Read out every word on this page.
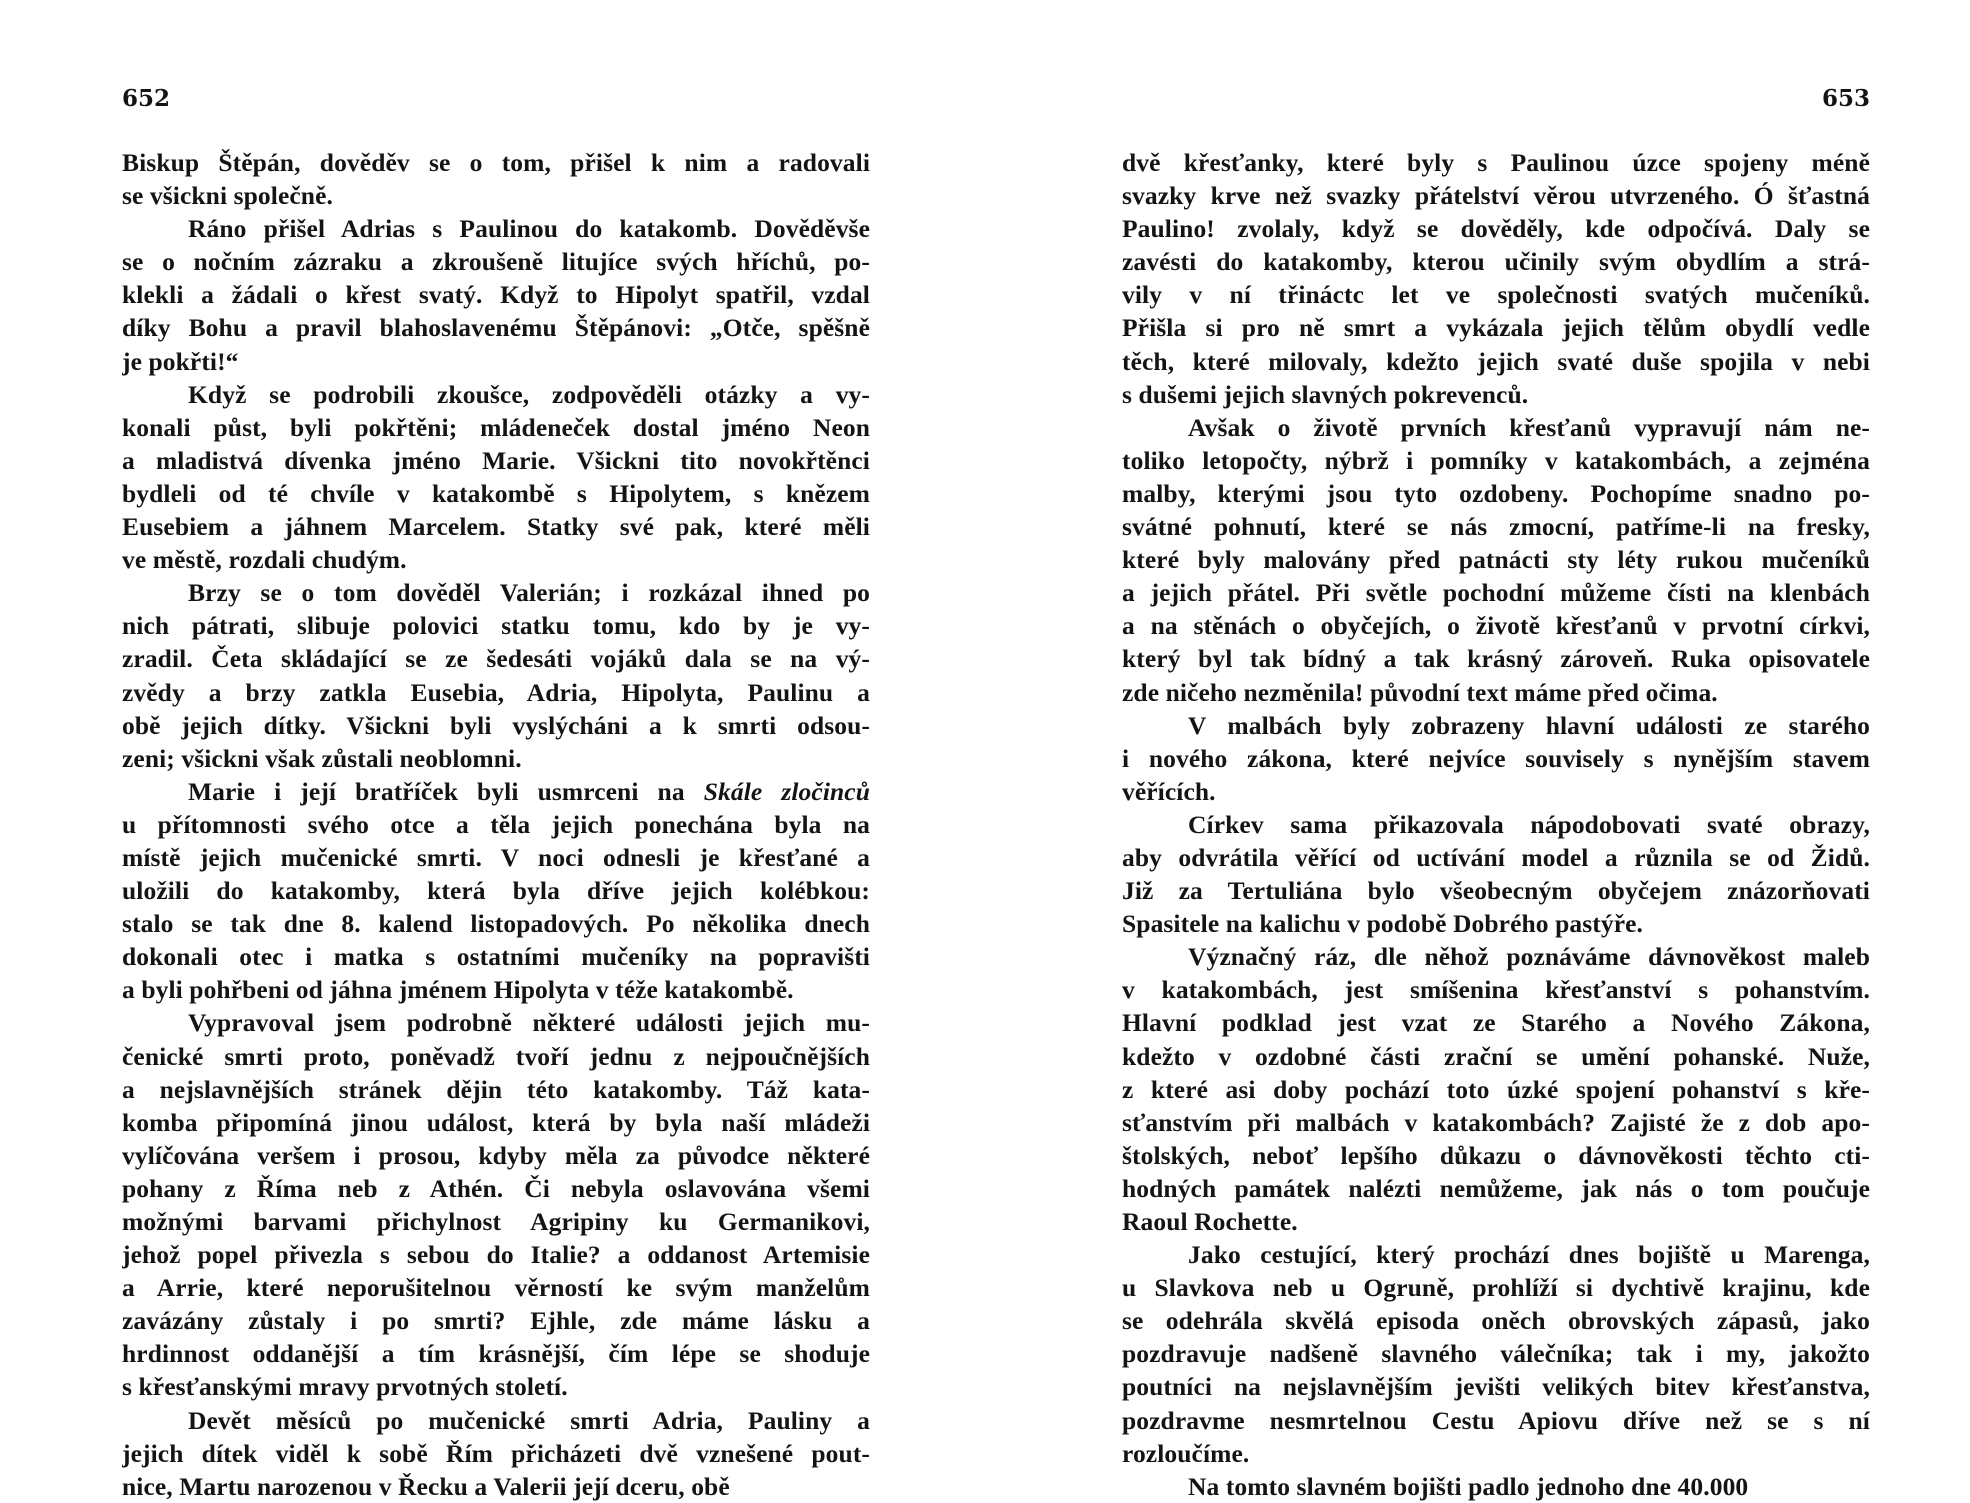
652
Biskup Štěpán, dověděv se o tom, přišel k nim a radovali
se všickni společně.
Ráno přišel Adrias s Paulinou do katakomb. Dověděvše
se o nočním zázraku a zkroušeně litujíce svých hříchů, po-
klekli a žádali o křest svatý. Když to Hipolyt spatřil, vzdal
díky Bohu a pravil blahoslavenému Štěpánovi: „Otče, spěšně
je pokřti!“
Když se podrobili zkoušce, zodpověděli otázky a vy-
konali půst, byli pokřtěni; mládeneček dostal jméno Neon
a mladistvá dívenka jméno Marie. Všickni tito novokřtěnci
bydleli od té chvíle v katakombě s Hipolytem, s knězem
Eusebiem a jáhnem Marcelem. Statky své pak, které měli
ve městě, rozdali chudým.
Brzy se o tom dověděl Valerián; i rozkázal ihned po
nich pátrati, slibuje polovici statku tomu, kdo by je vy-
zradil. Četa skládající se ze šedesáti vojáků dala se na vý-
zvědy a brzy zatkla Eusebia, Adria, Hipolyta, Paulinu a
obě jejich dítky. Všickni byli vyslýcháni a k smrti odsou-
zeni; všickni však zůstali neoblomni.
Marie i její bratříček byli usmrceni na Skále zločinců
u přítomnosti svého otce a těla jejich ponechána byla na
místě jejich mučenické smrti. V noci odnesli je křesťané a
uložili do katakomby, která byla dříve jejich kolébkou:
stalo se tak dne 8. kalend listopadových. Po několika dnech
dokonali otec i matka s ostatními mučeníky na popravišti
a byli pohřbeni od jáhna jménem Hipolyta v téže katakombě.
Vypravoval jsem podrobně některé události jejich mu-
čenické smrti proto, poněvadž tvoří jednu z nejpoučnějších
a nejslavnějších stránek dějin této katakomby. Táž kata-
komba připomíná jinou událost, která by byla naší mládeži
vylíčována veršem i prosou, kdyby měla za původce některé
pohany z Říma neb z Athén. Či nebyla oslavována všemi
možnými barvami přichylnost Agripiny ku Germanikovi,
jehož popel přivezla s sebou do Italie? a oddanost Artemisie
a Arrie, které neporušitelnou věrností ke svým manželům
zavázány zůstaly i po smrti? Ejhle, zde máme lásku a
hrdinnost oddanější a tím krásnější, čím lépe se shoduje
s křesťanskými mravy prvotných století.
Devět měsíců po mučenické smrti Adria, Pauliny a
jejich dítek viděl k sobě Řím přicházeti dvě vznešené pout-
nice, Martu narozenou v Řecku a Valerii její dceru, obě
653
dvě křesťanky, které byly s Paulinou úzce spojeny méně
svazky krve než svazky přátelství věrou utvrzeného. Ó šťastná
Paulino! zvolaly, když se dověděly, kde odpočívá. Daly se
zavésti do katakomby, kterou učinily svým obydlím a strá-
vily v ní třináctc let ve společnosti svatých mučeníků.
Přišla si pro ně smrt a vykázala jejich tělům obydlí vedle
těch, které milovaly, kdežto jejich svaté duše spojila v nebi
s dušemi jejich slavných pokrevenců.
Avšak o životě prvních křesťanů vypravují nám ne-
toliko letopočty, nýbrž i pomníky v katakombách, a zejména
malby, kterými jsou tyto ozdobeny. Pochopíme snadno po-
svátné pohnutí, které se nás zmocní, patříme-li na fresky,
které byly malovány před patnácti sty léty rukou mučeníků
a jejich přátel. Při světle pochodní můžeme čísti na klenbách
a na stěnách o obyčejích, o životě křesťanů v prvotní církvi,
který byl tak bídný a tak krásný zároveň. Ruka opisovatele
zde ničeho nezměnila! původní text máme před očima.
V malbách byly zobrazeny hlavní události ze starého
i nového zákona, které nejvíce souvisely s nynějším stavem
věřících.
Církev sama přikazovala nápodobovati svaté obrazy,
aby odvrátila věřící od uctívání model a různila se od Židů.
Již za Tertuliána bylo všeobecným obyčejem znázorňovati
Spasitele na kalichu v podobě Dobrého pastýře.
Význačný ráz, dle něhož poznáváme dávnověkost maleb
v katakombách, jest smíšenina křesťanství s pohanstvím.
Hlavní podklad jest vzat ze Starého a Nového Zákona,
kdežto v ozdobné části zrační se umění pohanské. Nuže,
z které asi doby pochází toto úzké spojení pohanství s kře-
sťanstvím při malbách v katakombách? Zajisté že z dob apo-
štolských, neboť lepšího důkazu o dávnověkosti těchto cti-
hodných památek nalézti nemůžeme, jak nás o tom poučuje
Raoul Rochette.
Jako cestující, který prochází dnes bojiště u Marenga,
u Slavkova neb u Ogruně, prohlíží si dychtivě krajinu, kde
se odehrála skvělá episoda oněch obrovských zápasů, jako
pozdravuje nadšeně slavného válečníka; tak i my, jakožto
poutníci na nejslavnějším jevišti velikých bitev křesťanstva,
pozdravme nesmrtelnou Cestu Apiovu dříve než se s ní
rozloučíme.
Na tomto slavném bojišti padlo jednoho dne 40.000
